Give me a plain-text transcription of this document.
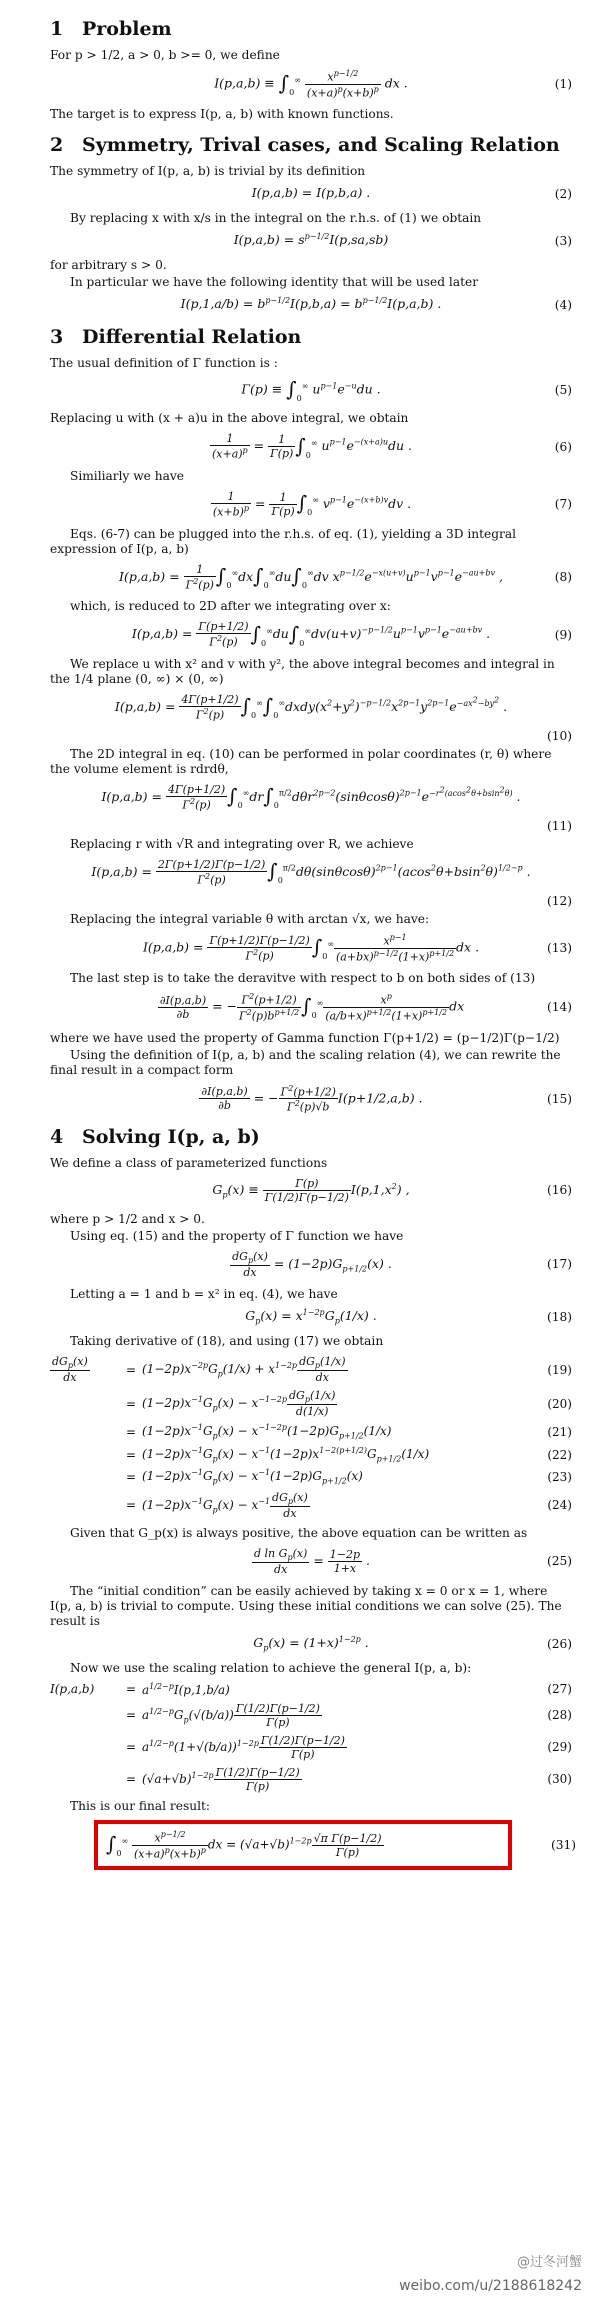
1 Problem

For p > 1/2, a > 0, b >= 0, we define

$I(p,a,b) \equiv \int_0^\infty \frac{x^{p-1/2}}{(x+a)^p(x+b)^p}$ dx .	(1)

The target is to express I(p, a, b) with known functions.

2 Symmetry, Trival cases, and Scaling Relation

The symmetry of I(p, a, b) is trivial by its definition

I(p,a,b) = I(p,b,a) .	(2)

By replacing x with x/s in the integral on the r.h.s. of (1) we obtain

$I(p,a,b) = s^{p-1/2}I(p,sa,sb)$	(3)

for arbitrary s > 0.

In particular we have the following identity that will be used later

$I(p,1,a/b) = b^{p-1/2}I(p,b,a) = b^{p-1/2}I(p,a,b)$ .	(4)
3 Differential Relation

The usual definition of Γ function is :

$\Gamma(p) \equiv \int_0^\infty$ $u^{p-1}e^{-u}du$ .	(5)

Replacing u with (x + a)u in the above integral, we obtain

$\frac{1}{(x+a)^p} = \frac{1}{\Gamma(p)} \int_0^\infty$ $u^{p-1}e^{-(x+a)u}du$ .	(6)

Similiarly we have

$\frac{1}{(x+b)^p} = \frac{1}{\Gamma(p)} \int_0^\infty$ $v^{p-1}e^{-(x+b)v}dv$ .	(7)

Eqs. (6-7) can be plugged into the r.h.s. of eq. (1), yielding a 3D integral expression of I(p, a, b)

$I(p,a,b) = \frac{1}{\Gamma^2(p)} \int_0^\infty dx\int_0^\infty du\int_0^\infty dv$ $x^{p-1/2}e^{-x(u+v)}u^{p-1}v^{p-1}e^{-au+bv}$ ,	(8)

which, is reduced to 2D after we integrating over x:

$I(p,a,b) = \frac{\Gamma(p+1/2)}{\Gamma^2(p)} \int_0^\infty du\int_0^\infty dv(u+v)^{-p-1/2}u^{p-1}v^{p-1}e^{-au+bv}$ .	(9)

We replace u with x² and v with y², the above integral becomes and integral in the 1/4 plane (0, ∞) × (0, ∞)

$I(p,a,b) = \frac{4\Gamma(p+1/2)}{\Gamma^2(p)}$ $\int_0^\infty\int_0^\infty dxdy(x^2+y^2)^{-p-1/2}x^{2p-1}y^{2p-1}e^{-ax^2-by^2}$ .
(10)

The 2D integral in eq. (10) can be performed in polar coordinates (r, θ) where the volume element is rdrdθ,

$I(p,a,b) = \frac{4\Gamma(p+1/2)}{\Gamma^2(p)} \int_0^\infty dr\int_0^{\pi/2}d\theta r^{2p-2}(\sin\theta\cos\theta)^{2p-1}e^{-r^2(acos^2\theta+bsin^2\theta)}$ .
(11)

Replacing r with √R and integrating over R, we achieve

$I(p,a,b) = \frac{2\Gamma(p+1/2)\Gamma(p-1/2)}{\Gamma^2(p)} \int_0^{\pi/2}d\theta(\sin\theta\cos\theta)^{2p-1}(acos^2\theta+bsin^2\theta)^{1/2-p}$ .
(12)

Replacing the integral variable θ with arctan √x, we have:

$I(p,a,b) = \frac{\Gamma(p+1/2)\Gamma(p-1/2)}{\Gamma^2(p)} \int_0^\infty \frac{x^{p-1}}{(a+bx)^{p-1/2}(1+x)^{p+1/2}}$ dx .	(13)

The last step is to take the deravitve with respect to b on both sides of (13)

$\frac{\partial I(p,a,b)}{\partial b}$ = − $\frac{\Gamma^2(p+1/2)}{\Gamma^2(p)b^{p+1/2}} \int_0^\infty \frac{x^p}{(a/b+x)^{p+1/2}(1+x)^{p+1/2}}$ dx	(14)

where we have used the property of Gamma function Γ(p+1/2) = (p−1/2)Γ(p−1/2)

Using the definition of I(p, a, b) and the scaling relation (4), we can rewrite the final result in a compact form

$\frac{\partial I(p,a,b)}{\partial b}$ = − $\frac{\Gamma^2(p+1/2)}{\Gamma^2(p)√b} I(p+1/2,a,b)$ .	(15)
4 Solving I(p, a, b)

We define a class of parameterized functions

$G_p(x) \equiv \frac{\Gamma(p)}{\Gamma(1/2)\Gamma(p-1/2)} I(p,1,x^2)$ ,	(16)

where p > 1/2 and x > 0.

Using eq. (15) and the property of Γ function we have

$\frac{dG_p(x)}{dx} = (1-2p)G_{p+1/2}(x)$ .	(17)

Letting a = 1 and b = x² in eq. (4), we have

$G_p(x) = x^{1-2p}G_p(1/x)$ .	(18)

Taking derivative of (18), and using (17) we obtain

$\frac{dG_p(x)}{dx}$	= $(1-2p)x^{-2p}G_p(1/x) + x^{1-2p} \frac{dG_p(1/x)}{dx}$	(19)
= $(1-2p)x^{-1}G_p(x) - x^{-1-2p} \frac{dG_p(1/x)}{d(1/x)}$	(20)
= $(1-2p)x^{-1}G_p(x) - x^{-1-2p}(1-2p)G_{p+1/2}(1/x)$	(21)
= $(1-2p)x^{-1}G_p(x) - x^{-1}(1-2p)x^{1-2(p+1/2)}G_{p+1/2}(1/x)$	(22)
= $(1-2p)x^{-1}G_p(x) - x^{-1}(1-2p)G_{p+1/2}(x)$	(23)
= $(1-2p)x^{-1}G_p(x) - x^{-1} \frac{dG_p(x)}{dx}$	(24)

Given that G_p(x) is always positive, the above equation can be written as

$\frac{d \ln G_p(x)}{dx} = \frac{1-2p}{1+x}$ .	(25)

The “initial condition” can be easily achieved by taking x = 0 or x = 1, where I(p, a, b) is trivial to compute. Using these initial conditions we can solve (25). The result is

$G_p(x) = (1+x)^{1-2p}$ .	(26)

Now we use the scaling relation to achieve the general I(p, a, b):

I(p,a,b)	= $a^{1/2-p}I(p,1,b/a)$	(27)
= $a^{1/2-p}G_p(√(b/a)) \frac{\Gamma(1/2)\Gamma(p-1/2)}{\Gamma(p)}$	(28)
= $a^{1/2-p}(1+√(b/a))^{1-2p} \frac{\Gamma(1/2)\Gamma(p-1/2)}{\Gamma(p)}$	(29)
= $(√a+√b)^{1-2p} \frac{\Gamma(1/2)\Gamma(p-1/2)}{\Gamma(p)}$	(30)

This is our final result:

$\int_0^\infty \frac{x^{p-1/2}}{(x+a)^p(x+b)^p}$ dx = $(√a+√b)^{1-2p} \frac{\text{√π Γ(p−1/2)}}{\Gamma(p)}$	(31)
@过冬河蟹
weibo.com/u/2188618242
